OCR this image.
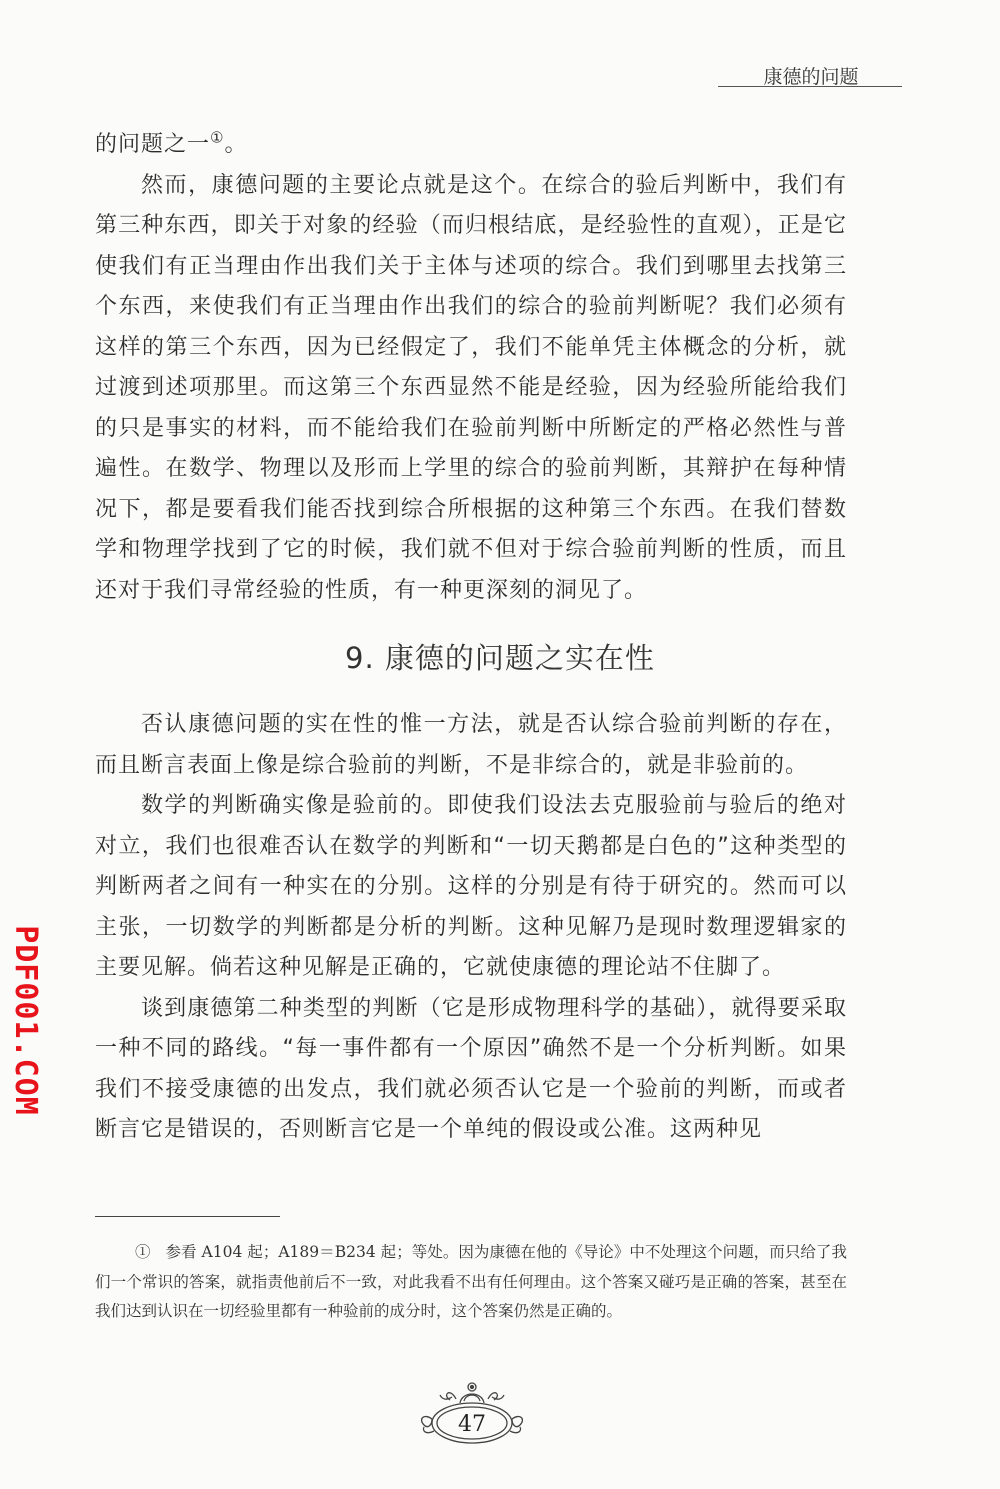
康德的问题

的问题之一①。

然而，康德问题的主要论点就是这个。在综合的验后判断中，我们有第三种东西，即关于对象的经验（而归根结底，是经验性的直观），正是它使我们有正当理由作出我们关于主体与述项的综合。我们到哪里去找第三个东西，来使我们有正当理由作出我们的综合的验前判断呢？我们必须有这样的第三个东西，因为已经假定了，我们不能单凭主体概念的分析，就过渡到述项那里。而这第三个东西显然不能是经验，因为经验所能给我们的只是事实的材料，而不能给我们在验前判断中所断定的严格必然性与普遍性。在数学、物理以及形而上学里的综合的验前判断，其辩护在每种情况下，都是要看我们能否找到综合所根据的这种第三个东西。在我们替数学和物理学找到了它的时候，我们就不但对于综合验前判断的性质，而且还对于我们寻常经验的性质，有一种更深刻的洞见了。

9. 康德的问题之实在性

否认康德问题的实在性的惟一方法，就是否认综合验前判断的存在，而且断言表面上像是综合验前的判断，不是非综合的，就是非验前的。

数学的判断确实像是验前的。即使我们设法去克服验前与验后的绝对对立，我们也很难否认在数学的判断和“一切天鹅都是白色的”这种类型的判断两者之间有一种实在的分别。这样的分别是有待于研究的。然而可以主张，一切数学的判断都是分析的判断。这种见解乃是现时数理逻辑家的主要见解。倘若这种见解是正确的，它就使康德的理论站不住脚了。

谈到康德第二种类型的判断（它是形成物理科学的基础），就得要采取一种不同的路线。“每一事件都有一个原因”确然不是一个分析判断。如果我们不接受康德的出发点，我们就必须否认它是一个验前的判断，而或者断言它是错误的，否则断言它是一个单纯的假设或公准。这两种见

① 参看 A104 起；A189＝B234 起；等处。因为康德在他的《导论》中不处理这个问题，而只给了我们一个常识的答案，就指责他前后不一致，对此我看不出有任何理由。这个答案又碰巧是正确的答案，甚至在我们达到认识在一切经验里都有一种验前的成分时，这个答案仍然是正确的。

PDF001.COM
47
